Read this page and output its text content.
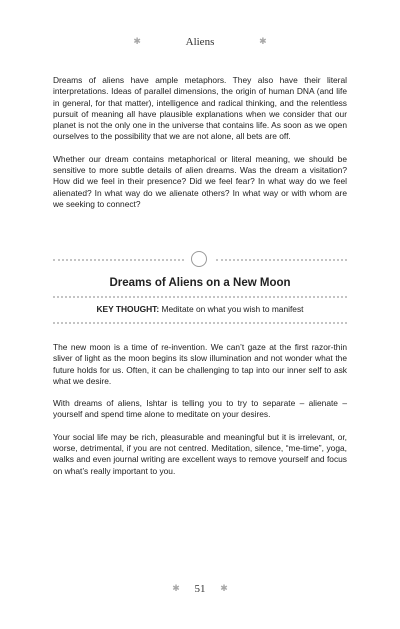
✱	Aliens	✱

Dreams of aliens have ample metaphors. They also have their literal interpretations. Ideas of parallel dimensions, the origin of human DNA (and life in general, for that matter), intelligence and radical thinking, and the relentless pursuit of meaning all have plausible explanations when we consider that our planet is not the only one in the universe that contains life. As soon as we open ourselves to the possibility that we are not alone, all bets are off.

Whether our dream contains metaphorical or literal meaning, we should be sensitive to more subtle details of alien dreams. Was the dream a visitation? How did we feel in their presence? Did we feel fear? In what way do we feel alienated? In what way do we alienate others? In what way or with whom are we seeking to connect?

Dreams of Aliens on a New Moon
KEY THOUGHT: Meditate on what you wish to manifest

The new moon is a time of re-invention. We can’t gaze at the first razor-thin sliver of light as the moon begins its slow illumination and not wonder what the future holds for us. Often, it can be challenging to tap into our inner self to ask what we desire.

With dreams of aliens, Ishtar is telling you to try to separate – alienate – yourself and spend time alone to meditate on your desires.

Your social life may be rich, pleasurable and meaningful but it is irrelevant, or, worse, detrimental, if you are not centred. Meditation, silence, “me-time”, yoga, walks and even journal writing are excellent ways to remove yourself and focus on what’s really important to you.

✱ 51 ✱
